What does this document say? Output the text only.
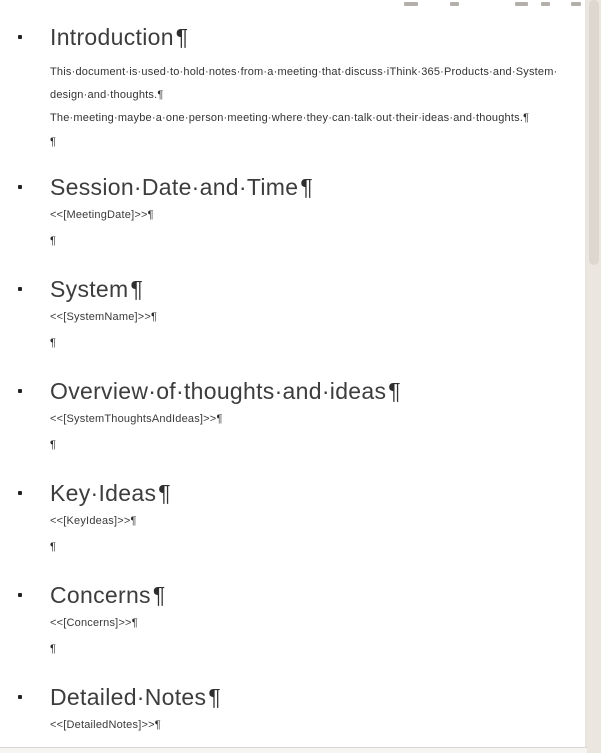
Introduction¶
This·document·is·used·to·hold·notes·from·a·meeting·that·discuss·iThink·365·Products·and·System·
design·and·thoughts.¶
The·meeting·maybe·a·one·person·meeting·where·they·can·talk·out·their·ideas·and·thoughts.¶

¶

Session·Date·and·Time¶

<<[MeetingDate]>>¶

¶

System¶

<<[SystemName]>>¶

¶

Overview·of·thoughts·and·ideas¶

<<[SystemThoughtsAndIdeas]>>¶

¶

Key·Ideas¶

<<[KeyIdeas]>>¶

¶

Concerns¶

<<[Concerns]>>¶

¶

Detailed·Notes¶

<<[DetailedNotes]>>¶
